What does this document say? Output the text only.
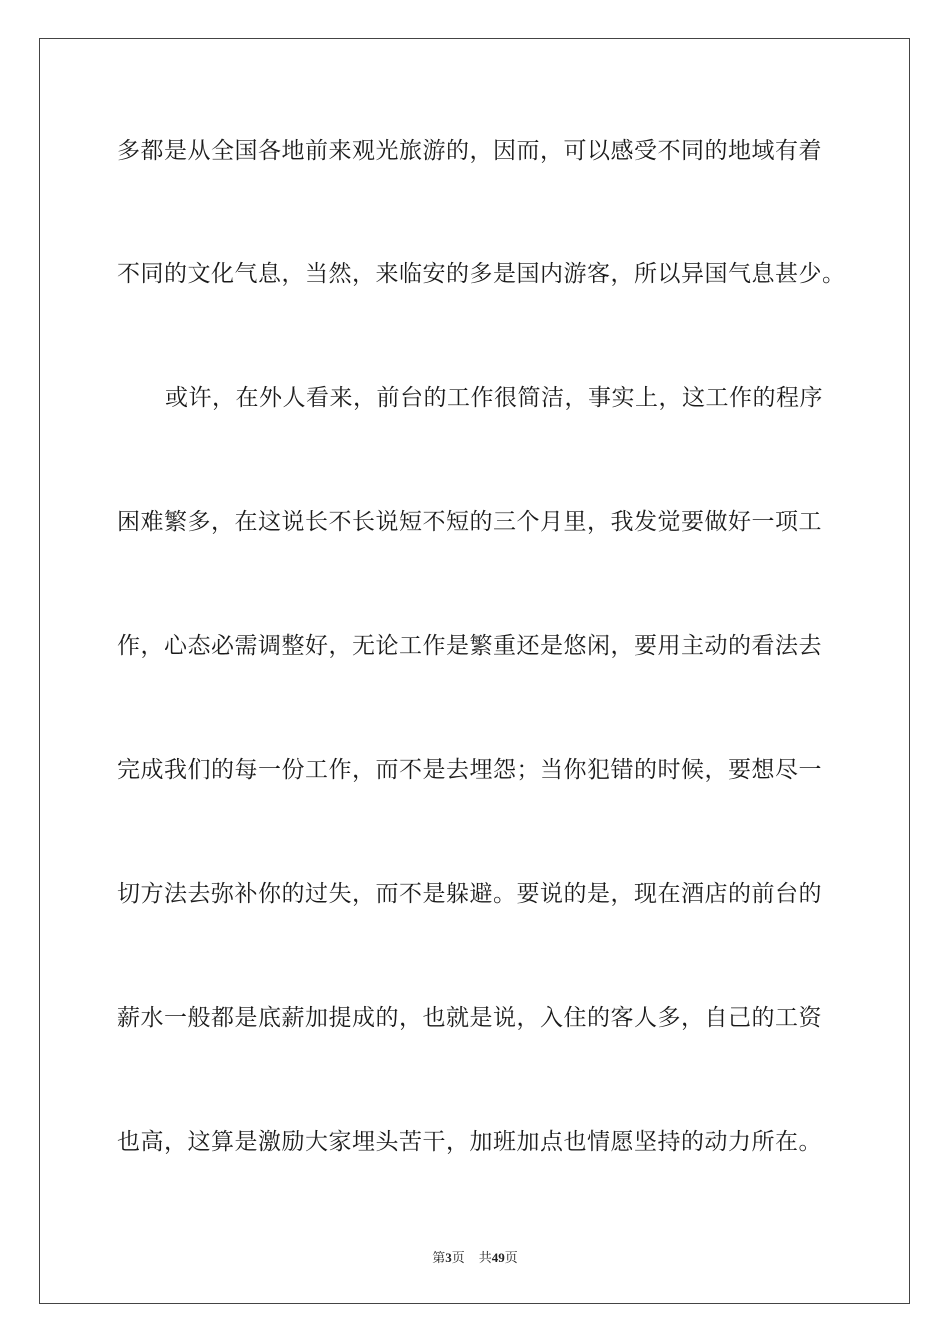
多都是从全国各地前来观光旅游的，因而，可以感受不同的地域有着
不同的文化气息，当然，来临安的多是国内游客，所以异国气息甚少。
或许，在外人看来，前台的工作很简洁，事实上，这工作的程序
困难繁多，在这说长不长说短不短的三个月里，我发觉要做好一项工
作，心态必需调整好，无论工作是繁重还是悠闲，要用主动的看法去
完成我们的每一份工作，而不是去埋怨；当你犯错的时候，要想尽一
切方法去弥补你的过失，而不是躲避。要说的是，现在酒店的前台的
薪水一般都是底薪加提成的，也就是说，入住的客人多，自己的工资
也高，这算是激励大家埋头苦干，加班加点也情愿坚持的动力所在。
第3页 共49页
